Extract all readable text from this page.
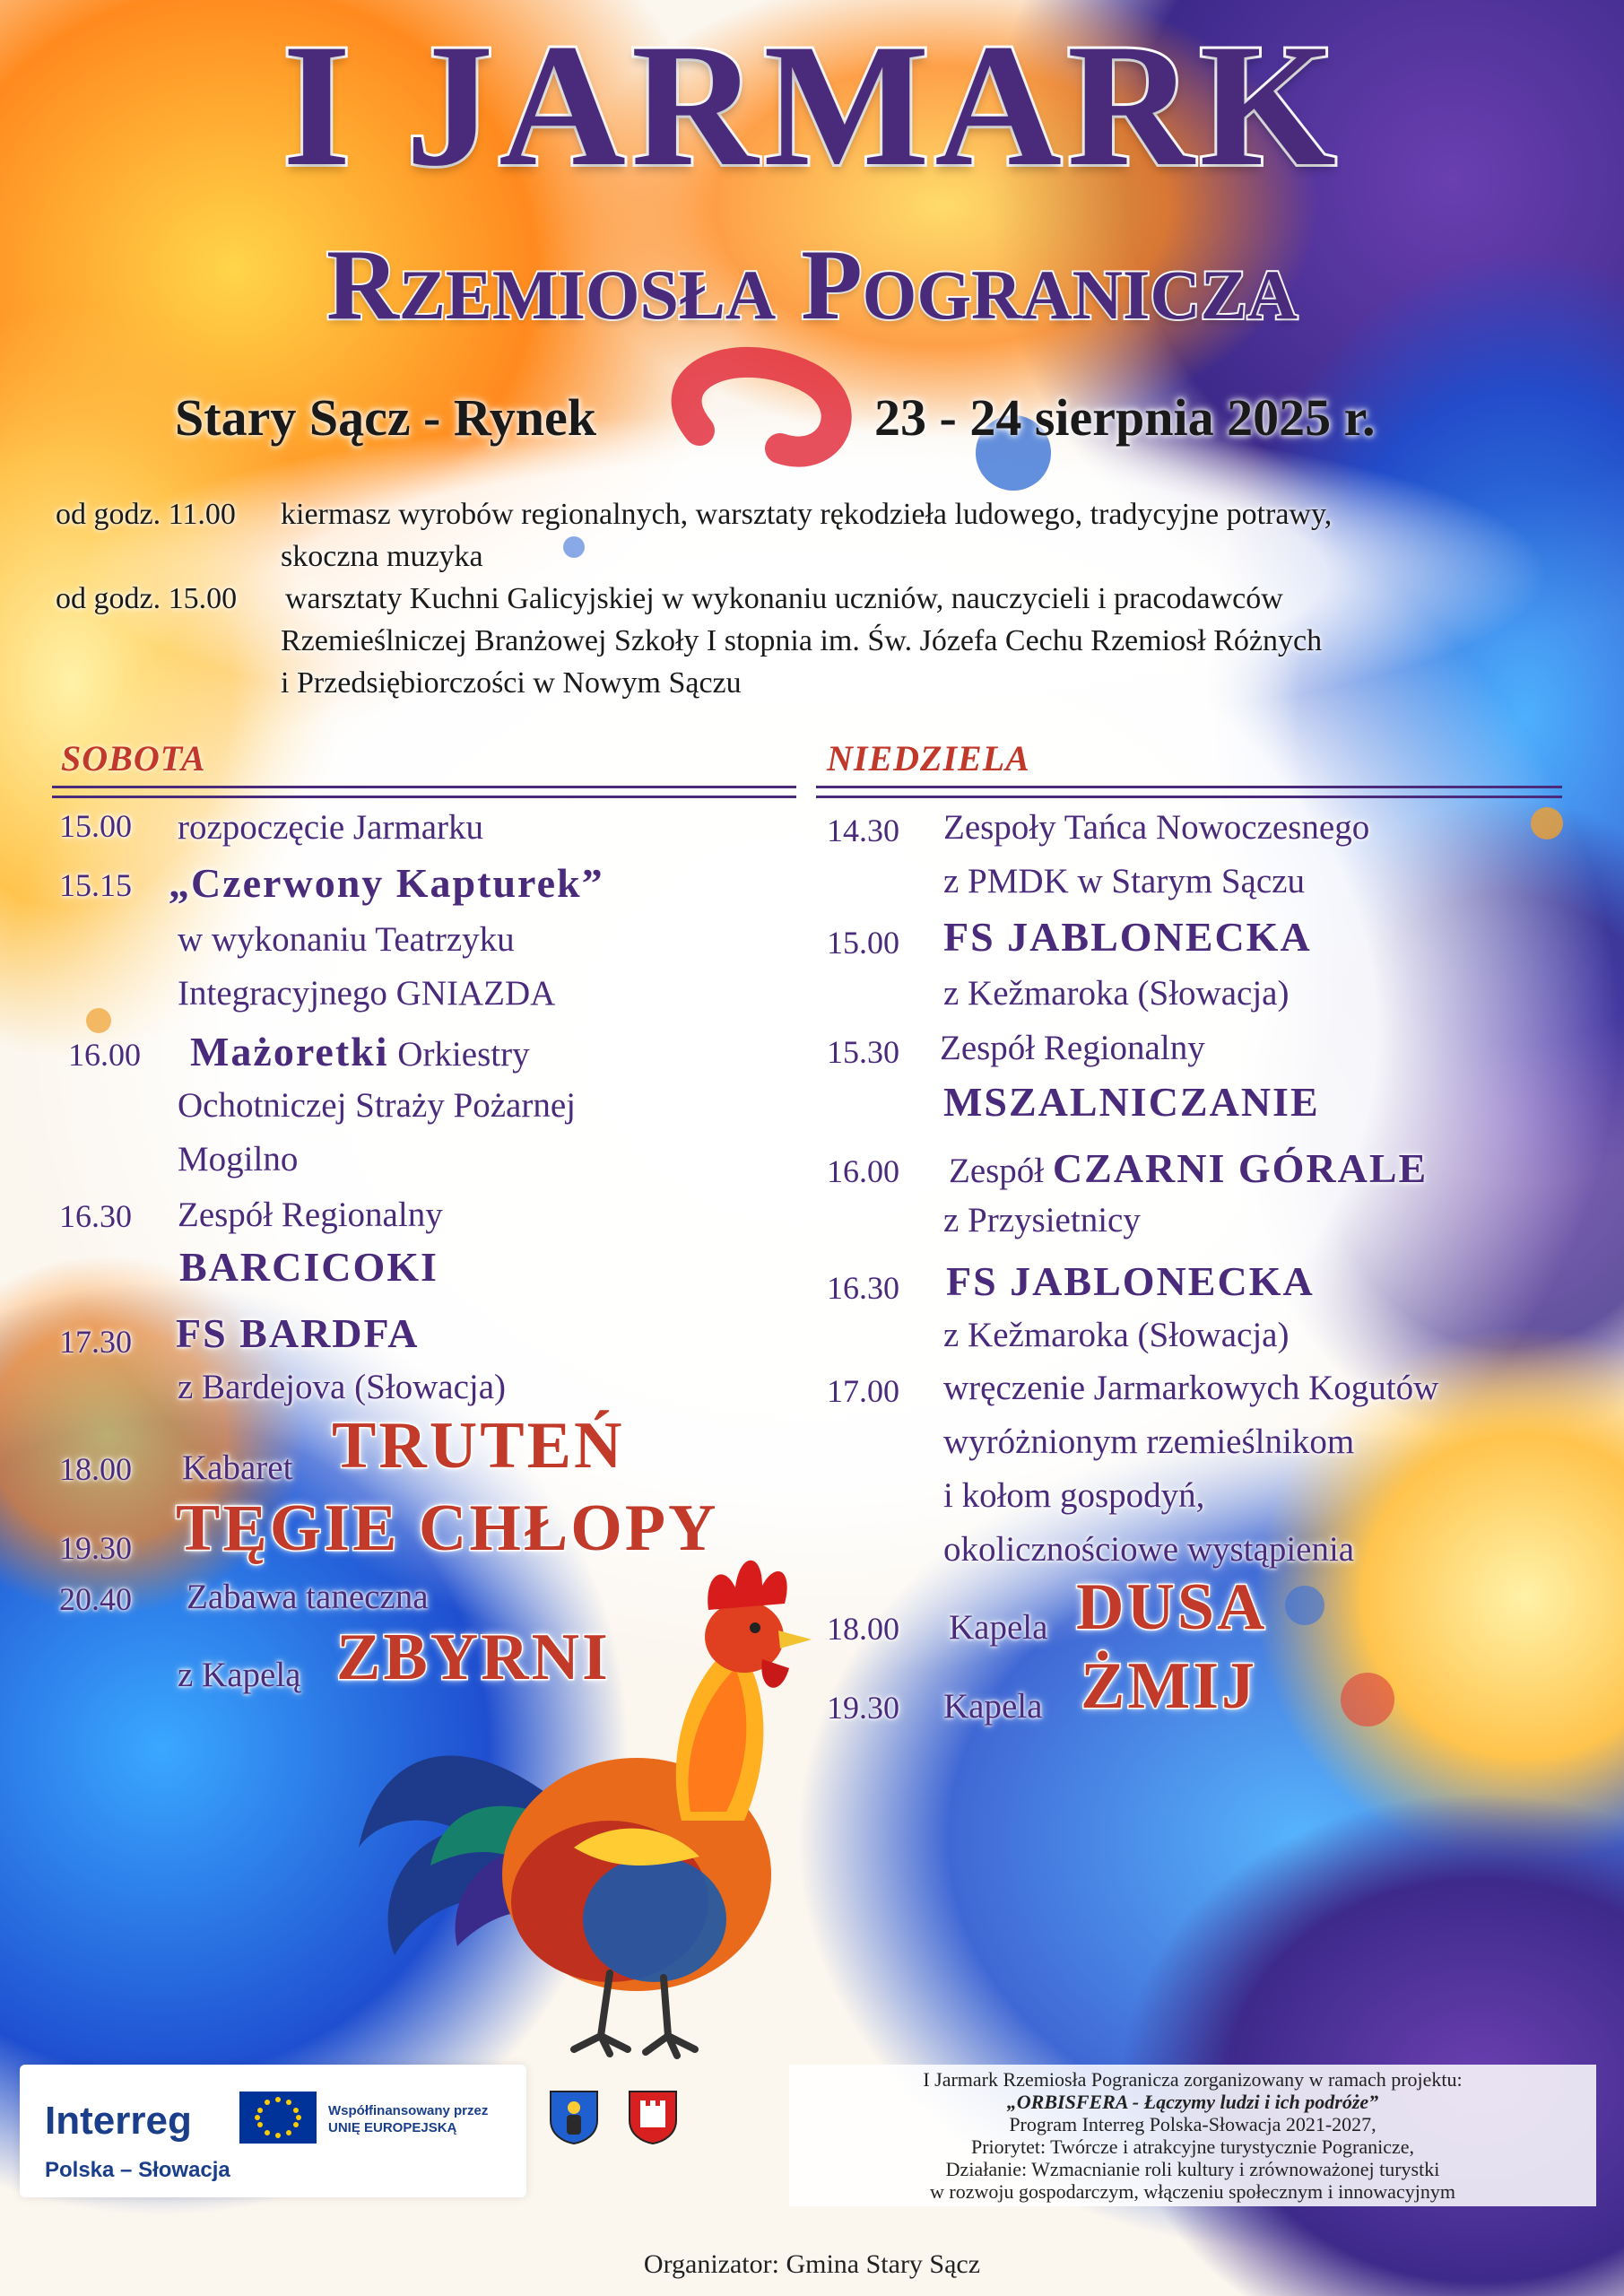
I JARMARK
Rzemiosła Pogranicza
Stary Sącz - Rynek	23 - 24 sierpnia 2025 r.
od godz. 11.00 kiermasz wyrobów regionalnych, warsztaty rękodzieła ludowego, tradycyjne potrawy,
skoczna muzyka
od godz. 15.00 warsztaty Kuchni Galicyjskiej w wykonaniu uczniów, nauczycieli i pracodawców
Rzemieślniczej Branżowej Szkoły I stopnia im. Św. Józefa Cechu Rzemiosł Różnych
i Przedsiębiorczości w Nowym Sączu
SOBOTA	NIEDZIELA
15.00 rozpoczęcie Jarmarku
15.15 „Czerwony Kapturek”
w wykonaniu Teatrzyku
Integracyjnego GNIAZDA
16.00 Mażoretki Orkiestry
Ochotniczej Straży Pożarnej
Mogilno
16.30 Zespół Regionalny
BARCICOKI
17.30 FS BARDFA
z Bardejova (Słowacja)
18.00 Kabaret TRUTEŃ
19.30 TĘGIE CHŁOPY
20.40 Zabawa taneczna
z Kapelą ZBYRNI
14.30 Zespoły Tańca Nowoczesnego
z PMDK w Starym Sączu
15.00 FS JABLONECKA
z Kežmaroka (Słowacja)
15.30 Zespół Regionalny
MSZALNICZANIE
16.00 Zespół CZARNI GÓRALE
z Przysietnicy
16.30 FS JABLONECKA
z Kežmaroka (Słowacja)
17.00 wręczenie Jarmarkowych Kogutów
wyróżnionym rzemieślnikom
i kołom gospodyń,
okolicznościowe wystąpienia
18.00 Kapela DUSA
19.30 Kapela ŻMIJ
Interreg	Współfinansowany przez
UNIĘ EUROPEJSKĄ
Polska – Słowacja
I Jarmark Rzemiosła Pogranicza zorganizowany w ramach projektu:
„ORBISFERA - Łączymy ludzi i ich podróże”
Program Interreg Polska-Słowacja 2021-2027,
Priorytet: Twórcze i atrakcyjne turystycznie Pogranicze,
Działanie: Wzmacnianie roli kultury i zrównoważonej turystki
w rozwoju gospodarczym, włączeniu społecznym i innowacyjnym
Organizator: Gmina Stary Sącz
